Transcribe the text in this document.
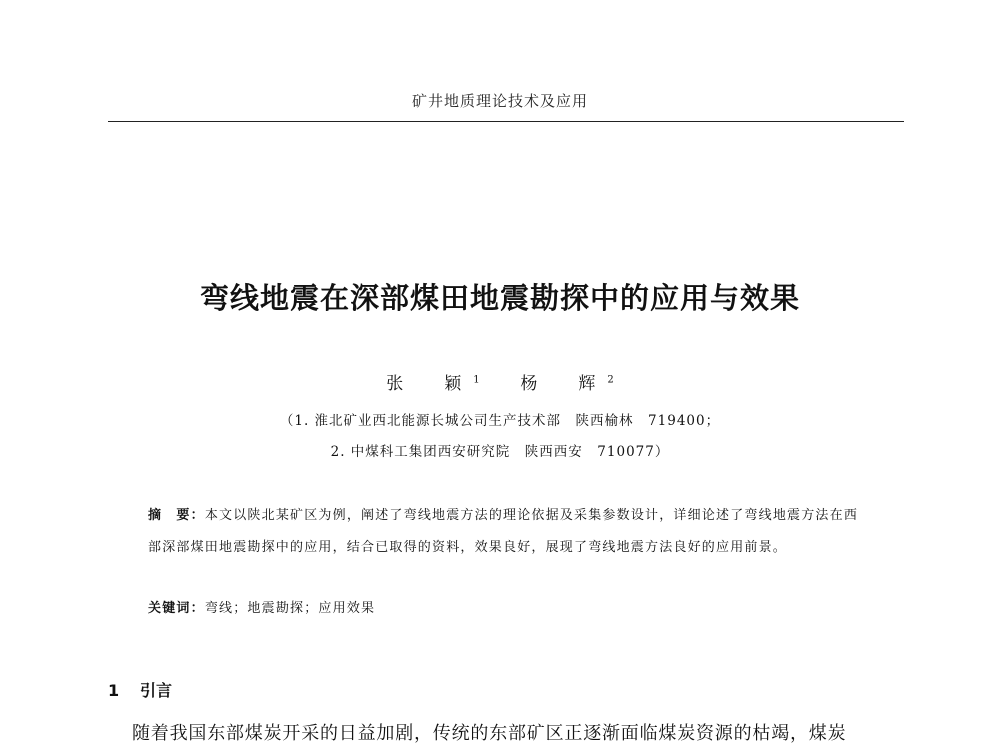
矿井地质理论技术及应用
弯线地震在深部煤田地震勘探中的应用与效果
张　颖$^1$ 杨　辉$^2$
（1. 淮北矿业西北能源长城公司生产技术部　陕西榆林　719400；
2. 中煤科工集团西安研究院　陕西西安　710077）
摘　要：本文以陕北某矿区为例，阐述了弯线地震方法的理论依据及采集参数设计，详细论述了弯线地震方法在西部深部煤田地震勘探中的应用，结合已取得的资料，效果良好，展现了弯线地震方法良好的应用前景。
关键词：弯线；地震勘探；应用效果
1 引言
随着我国东部煤炭开采的日益加剧，传统的东部矿区正逐渐面临煤炭资源的枯竭，煤炭
